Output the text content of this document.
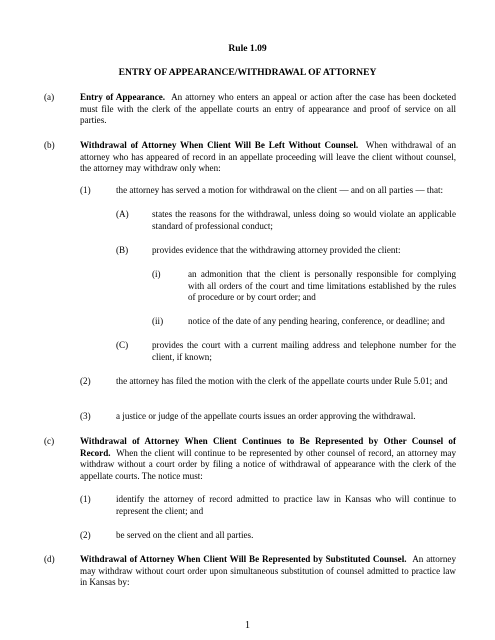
Rule 1.09
ENTRY OF APPEARANCE/WITHDRAWAL OF ATTORNEY
(a)	Entry of Appearance. An attorney who enters an appeal or action after the case has been docketed must file with the clerk of the appellate courts an entry of appearance and proof of service on all parties.
(b)	Withdrawal of Attorney When Client Will Be Left Without Counsel. When withdrawal of an attorney who has appeared of record in an appellate proceeding will leave the client without counsel, the attorney may withdraw only when:
(1)	the attorney has served a motion for withdrawal on the client — and on all parties — that:
(A)	states the reasons for the withdrawal, unless doing so would violate an applicable standard of professional conduct;
(B)	provides evidence that the withdrawing attorney provided the client:
(i)	an admonition that the client is personally responsible for complying with all orders of the court and time limitations established by the rules of procedure or by court order; and
(ii)	notice of the date of any pending hearing, conference, or deadline; and
(C)	provides the court with a current mailing address and telephone number for the client, if known;
(2)	the attorney has filed the motion with the clerk of the appellate courts under Rule 5.01; and
(3)	a justice or judge of the appellate courts issues an order approving the withdrawal.
(c)	Withdrawal of Attorney When Client Continues to Be Represented by Other Counsel of Record. When the client will continue to be represented by other counsel of record, an attorney may withdraw without a court order by filing a notice of withdrawal of appearance with the clerk of the appellate courts. The notice must:
(1)	identify the attorney of record admitted to practice law in Kansas who will continue to represent the client; and
(2)	be served on the client and all parties.
(d)	Withdrawal of Attorney When Client Will Be Represented by Substituted Counsel. An attorney may withdraw without court order upon simultaneous substitution of counsel admitted to practice law in Kansas by:
1
